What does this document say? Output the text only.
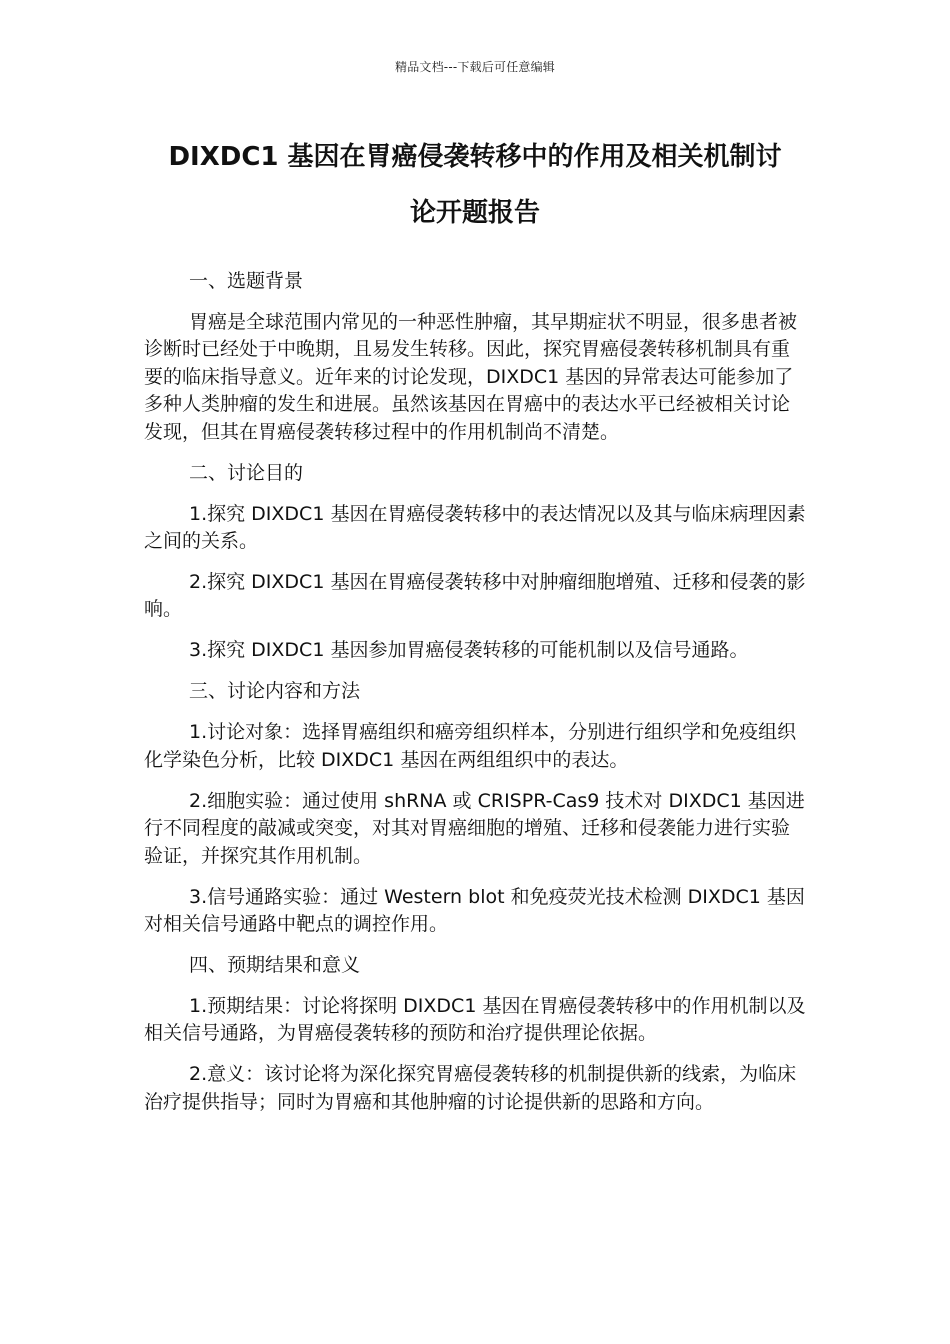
精品文档---下载后可任意编辑
DIXDC1 基因在胃癌侵袭转移中的作用及相关机制讨
论开题报告

一、选题背景

胃癌是全球范围内常见的一种恶性肿瘤，其早期症状不明显，很多患者被诊断时已经处于中晚期，且易发生转移。因此，探究胃癌侵袭转移机制具有重要的临床指导意义。近年来的讨论发现，DIXDC1 基因的异常表达可能参加了多种人类肿瘤的发生和进展。虽然该基因在胃癌中的表达水平已经被相关讨论发现，但其在胃癌侵袭转移过程中的作用机制尚不清楚。

二、讨论目的

1.探究 DIXDC1 基因在胃癌侵袭转移中的表达情况以及其与临床病理因素之间的关系。

2.探究 DIXDC1 基因在胃癌侵袭转移中对肿瘤细胞增殖、迁移和侵袭的影响。

3.探究 DIXDC1 基因参加胃癌侵袭转移的可能机制以及信号通路。

三、讨论内容和方法

1.讨论对象：选择胃癌组织和癌旁组织样本，分别进行组织学和免疫组织化学染色分析，比较 DIXDC1 基因在两组组织中的表达。

2.细胞实验：通过使用 shRNA 或 CRISPR-Cas9 技术对 DIXDC1 基因进行不同程度的敲减或突变，对其对胃癌细胞的增殖、迁移和侵袭能力进行实验验证，并探究其作用机制。

3.信号通路实验：通过 Western blot 和免疫荧光技术检测 DIXDC1 基因对相关信号通路中靶点的调控作用。

四、预期结果和意义

1.预期结果：讨论将探明 DIXDC1 基因在胃癌侵袭转移中的作用机制以及相关信号通路，为胃癌侵袭转移的预防和治疗提供理论依据。

2.意义：该讨论将为深化探究胃癌侵袭转移的机制提供新的线索，为临床治疗提供指导；同时为胃癌和其他肿瘤的讨论提供新的思路和方向。
